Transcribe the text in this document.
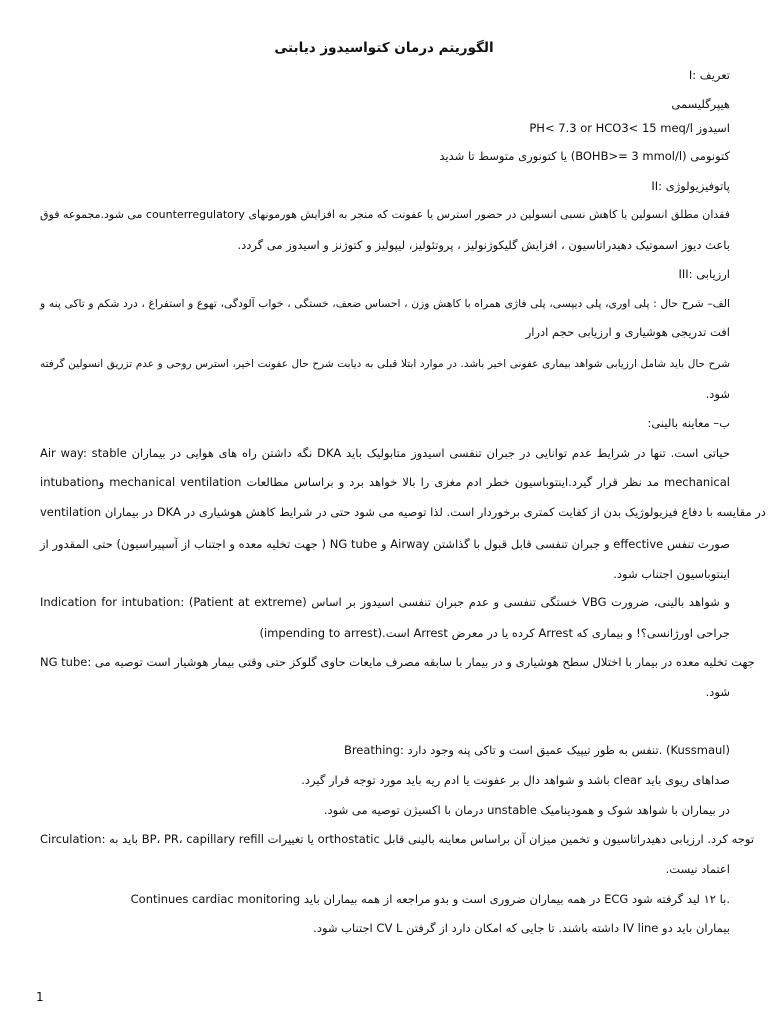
الگوریتم درمان کتواسیدوز دیابتی
I: تعریف
هیپرگلیسمی
اسیدوز PH< 7.3 or HCO3< 15 meq/l
کتونومی (BOHB>= 3 mmol/l) یا کتونوری متوسط تا شدید
II: پاتوفیزیولوژی
فقدان مطلق انسولین یا کاهش نسبی انسولین در حضور استرس یا عفونت که منجر به افزایش هورمونهای counterregulatory می شود.مجموعه فوق
باعث دیوز اسموتیک دهیدراتاسیون ، افزایش گلیکوژنولیز ، پروتئولیز، لیپولیز و کتوژنز و اسیدوز می گردد.
III: ارزیابی
الف– شرح حال : پلی اوری، پلی دیپسی، پلی فاژی همراه با کاهش وزن ، احساس ضعف، خستگی ، خواب آلودگی، تهوع و استفراغ ، درد شکم و تاکی پنه و
افت تدریجی هوشیاری و ارزیابی حجم ادرار
شرح حال باید شامل ارزیابی شواهد بیماری عفونی اخیر باشد. در موارد ابتلا قبلی به دیابت شرح حال عفونت اخیر، استرس روحی و عدم تزریق انسولین گرفته
شود.
ب– معاینه بالینی:
Air way: stable نگه داشتن راه های هوایی در بیماران DKA حیاتی است. تنها در شرایط عدم توانایی در جبران تنفسی اسیدوز متابولیک باید
intubationو mechanical ventilation مد نظر قرار گیرد.اینتوباسیون خطر ادم مغزی را بالا خواهد برد و براساس مطالعات mechanical
ventilation در بیماران DKA در مقایسه با دفاع فیزیولوژیک بدن از کفایت کمتری برخوردار است. لذا توصیه می شود حتی در شرایط کاهش هوشیاری در
صورت تنفس effective و جبران تنفسی قابل قبول با گذاشتن Airway و NG tube ( جهت تخلیه معده و اجتناب از آسپیراسیون) حتی المقدور از
اینتوباسیون اجتناب شود.
Indication for intubation: (Patient at extreme) خستگی تنفسی و عدم جبران تنفسی اسیدوز بر اساس VBG و شواهد بالینی، ضرورت
جراحی اورژانسی؟! و بیماری که Arrest کرده یا در معرض Arrest است.(impending to arrest)
NG tube: جهت تخلیه معده در بیمار با اختلال سطح هوشیاری و در بیمار با سابقه مصرف مایعات حاوی گلوکز حتی وقتی بیمار هوشیار است توصیه می
شود.
Breathing: تنفس به طور تیپیک عمیق است و تاکی پنه وجود دارد. (Kussmaul)
صداهای ریوی باید clear باشد و شواهد دال بر عفونت یا ادم ریه باید مورد توجه قرار گیرد.
در بیماران با شواهد شوک و همودینامیک unstable درمان با اکسیژن توصیه می شود.
Circulation: باید به BP، PR، capillary refill یا تغییرات orthostatic توجه کرد. ارزیابی دهیدراتاسیون و تخمین میزان آن براساس معاینه بالینی قابل
اعتماد نیست.
Continues cardiac monitoring در همه بیماران ضروری است و بدو مراجعه از همه بیماران باید ECG با ۱۲ لید گرفته شود.
بیماران باید دو IV line داشته باشند. تا جایی که امکان دارد از گرفتن CV L اجتناب شود.
1
